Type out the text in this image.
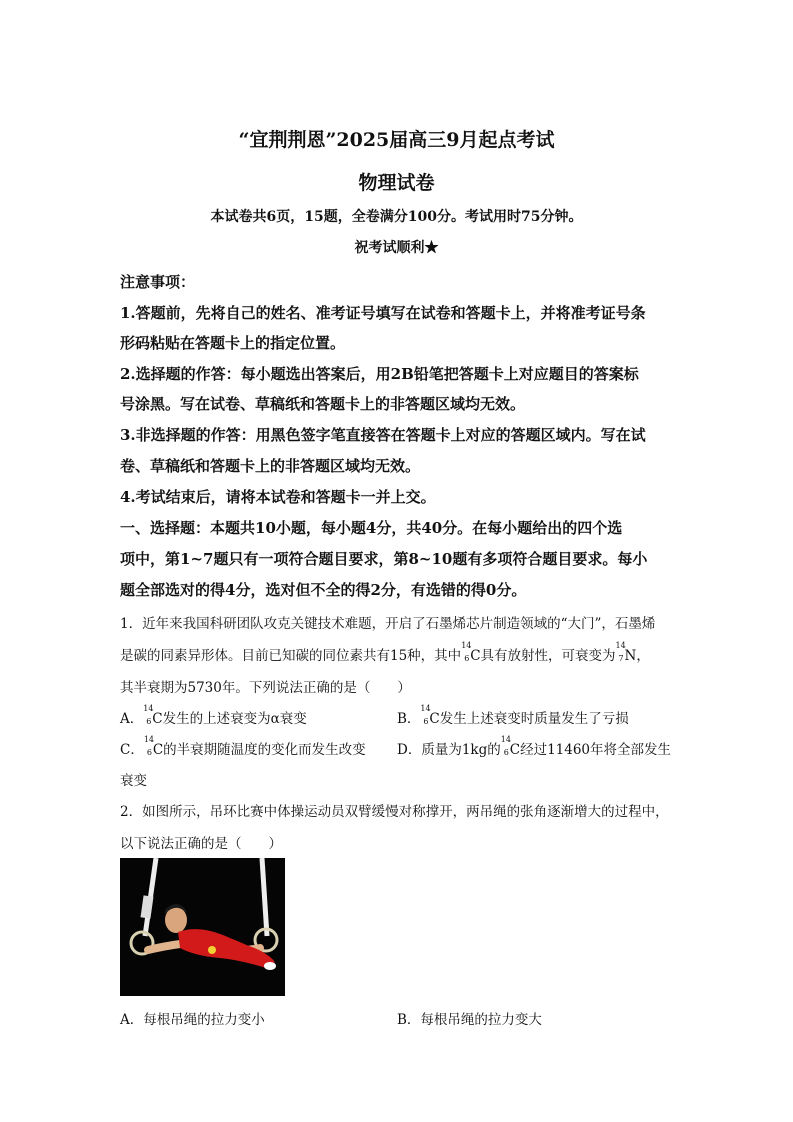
“宜荆荆恩”2025届高三9月起点考试
物理试卷
本试卷共6页，15题，全卷满分100分。考试用时75分钟。
祝考试顺利★
注意事项：
1.答题前，先将自己的姓名、准考证号填写在试卷和答题卡上，并将准考证号条
形码粘贴在答题卡上的指定位置。
2.选择题的作答：每小题选出答案后，用2B铅笔把答题卡上对应题目的答案标
号涂黑。写在试卷、草稿纸和答题卡上的非答题区域均无效。
3.非选择题的作答：用黑色签字笔直接答在答题卡上对应的答题区域内。写在试
卷、草稿纸和答题卡上的非答题区域均无效。
4.考试结束后，请将本试卷和答题卡一并上交。
一、选择题：本题共10小题，每小题4分，共40分。在每小题给出的四个选
项中，第1~7题只有一项符合题目要求，第8~10题有多项符合题目要求。每小
题全部选对的得4分，选对但不全的得2分，有选错的得0分。
1．近年来我国科研团队攻克关键技术难题，开启了石墨烯芯片制造领域的“大门”，石墨烯
是碳的同素异形体。目前已知碳的同位素共有15种，其中
14
6 C具有放射性，可衰变为
14
7 N，
其半衰期为5730年。下列说法正确的是（　　）
A．
14
6 C发生的上述衰变为α衰变	B．
14
6 C发生上述衰变时质量发生了亏损
C．
14
6 C的半衰期随温度的变化而发生改变 D．质量为1kg的
14
6 C经过11460年将全部发生
衰变
2．如图所示，吊环比赛中体操运动员双臂缓慢对称撑开，两吊绳的张角逐渐增大的过程中，
以下说法正确的是（　　）
A．每根吊绳的拉力变小	B．每根吊绳的拉力变大
